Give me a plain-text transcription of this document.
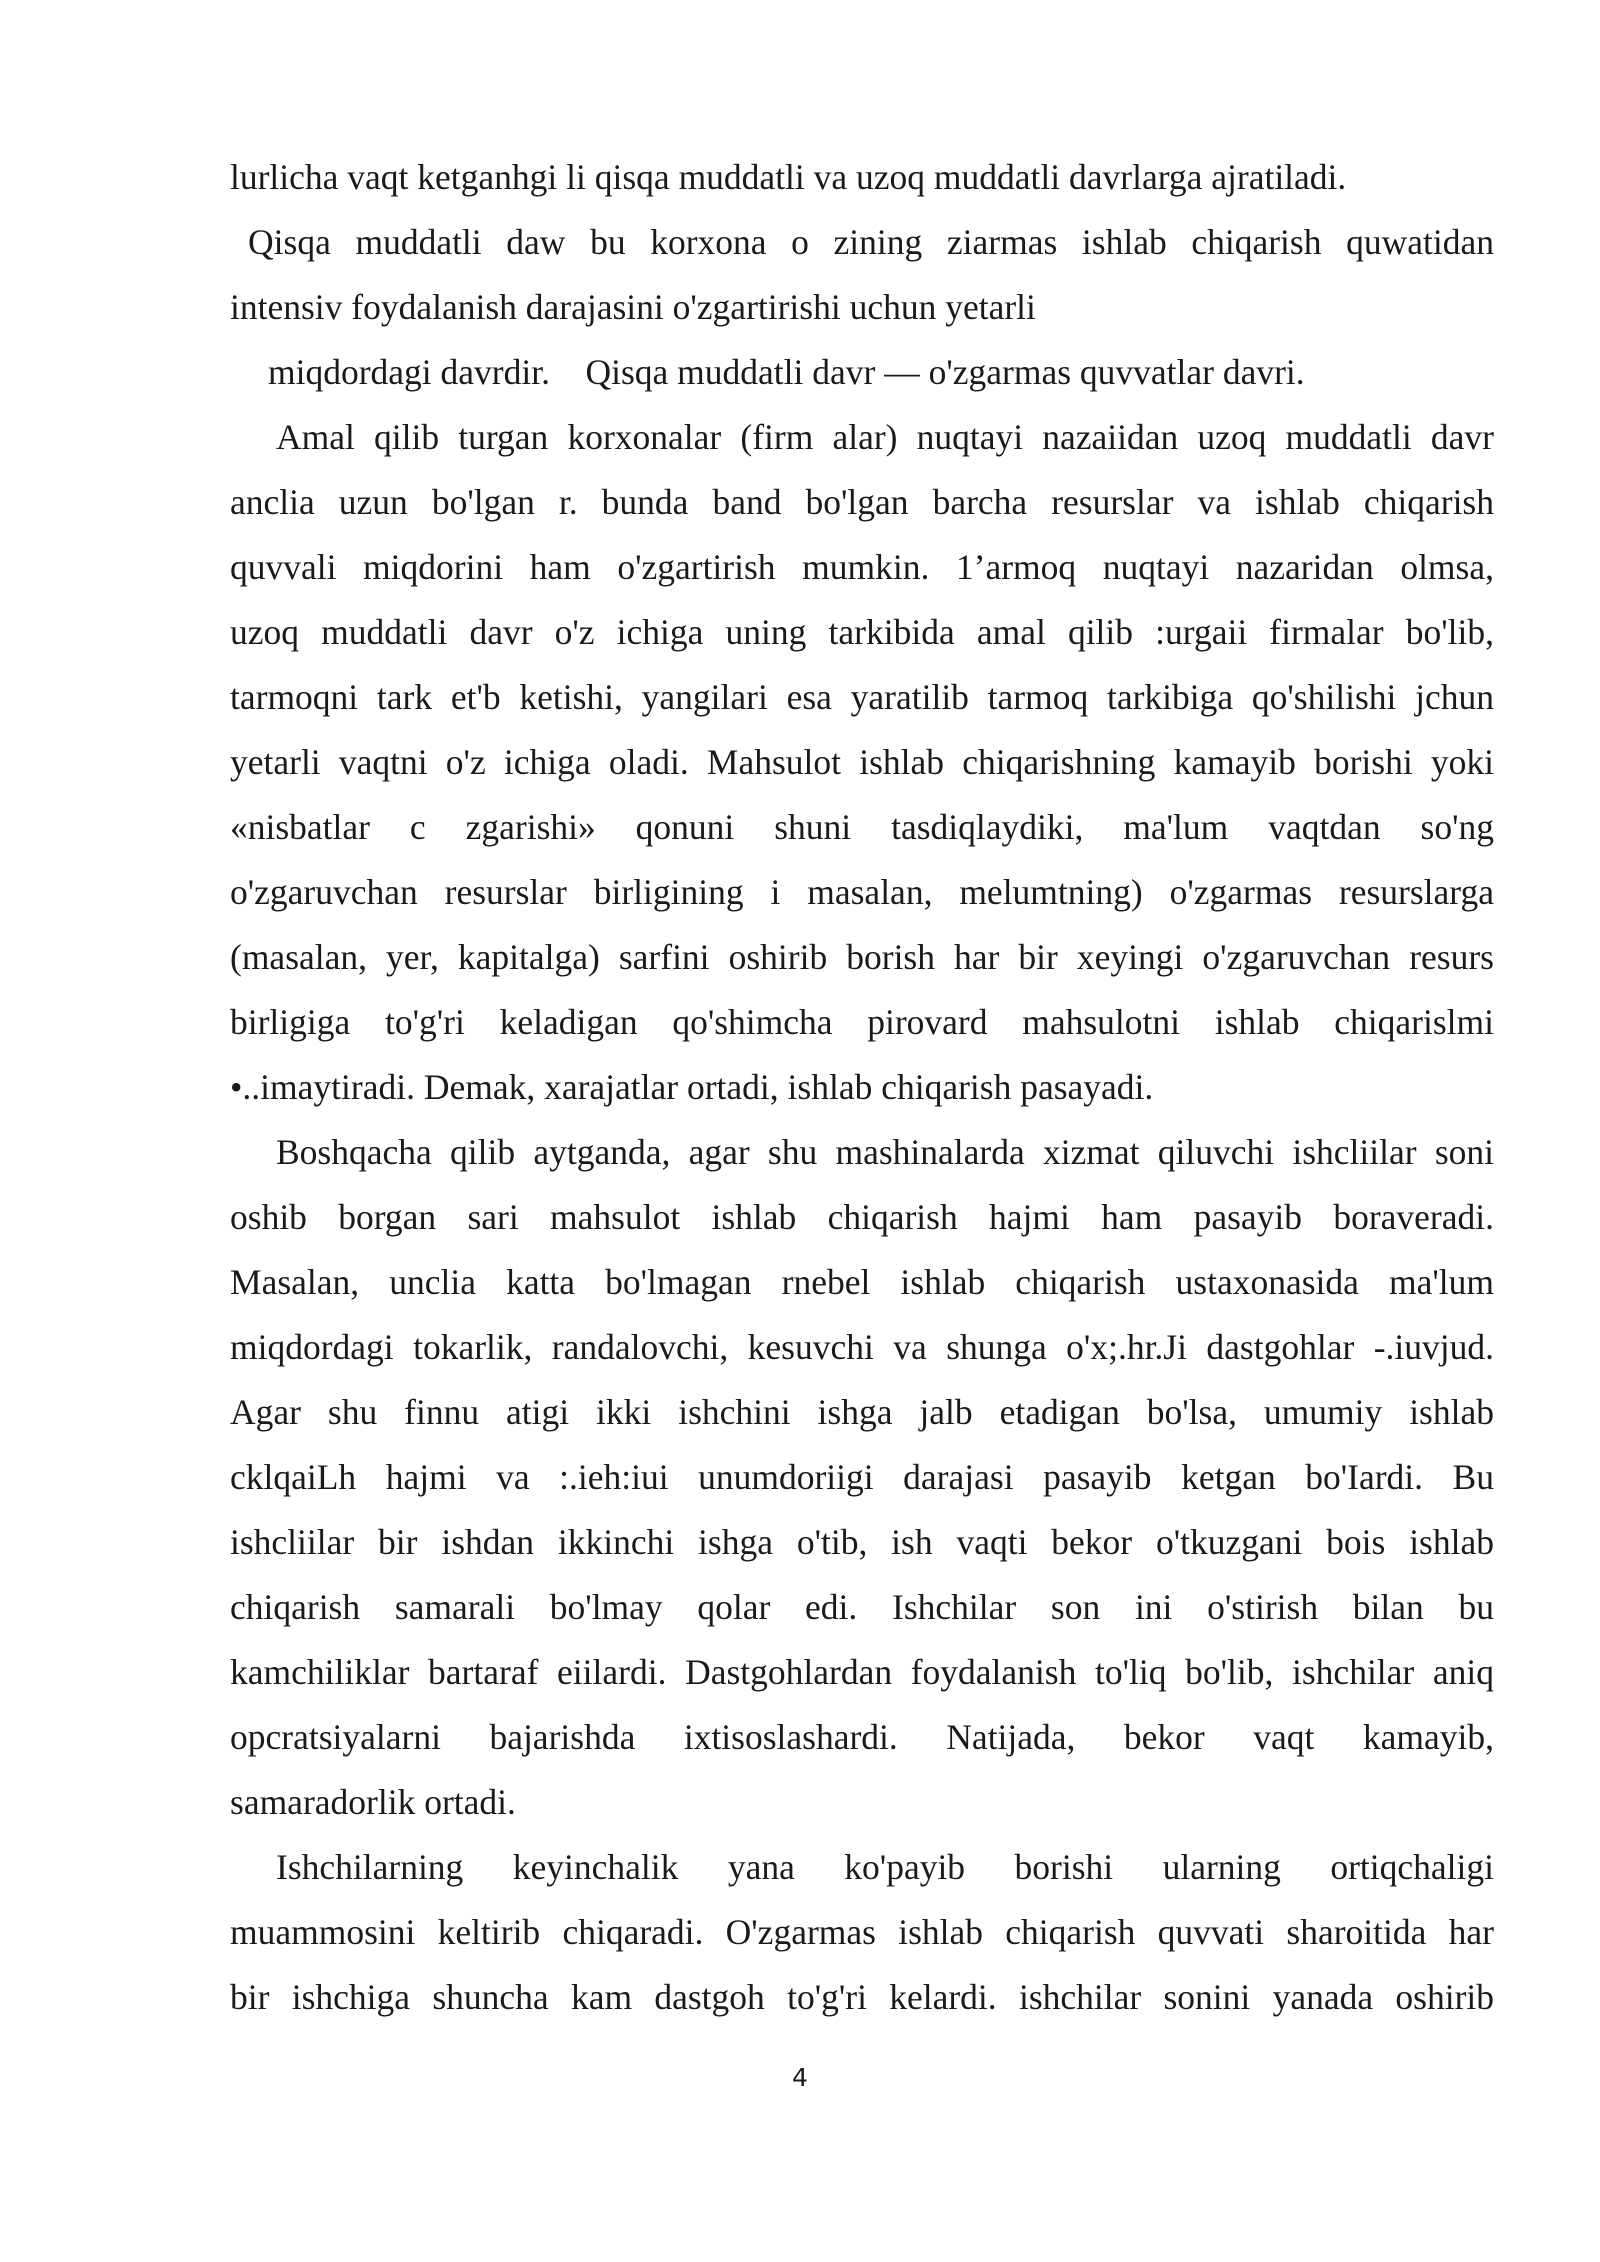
lurlicha vaqt ketganhgi li qisqa muddatli va uzoq muddatli davrlarga ajratiladi.
Qisqa muddatli daw bu korxona o zining ziarmas ishlab chiqarish quwatidan
intensiv foydalanish darajasini o'zgartirishi uchun yetarli
miqdordagi davrdir. Qisqa muddatli davr — o'zgarmas quvvatlar davri.
Amal qilib turgan korxonalar (firm alar) nuqtayi nazaiidan uzoq muddatli davr
anclia uzun bo'lgan r. bunda band bo'lgan barcha resurslar va ishlab chiqarish
quvvali miqdorini ham o'zgartirish mumkin. 1’armoq nuqtayi nazaridan olmsa,
uzoq muddatli davr o'z ichiga uning tarkibida amal qilib :urgaii firmalar bo'lib,
tarmoqni tark et'b ketishi, yangilari esa yaratilib tarmoq tarkibiga qo'shilishi jchun
yetarli vaqtni o'z ichiga oladi. Mahsulot ishlab chiqarishning kamayib borishi yoki
«nisbatlar c zgarishi» qonuni shuni tasdiqlaydiki, ma'lum vaqtdan so'ng
o'zgaruvchan resurslar birligining i masalan, melumtning) o'zgarmas resurslarga
(masalan, yer, kapitalga) sarfini oshirib borish har bir xeyingi o'zgaruvchan resurs
birligiga to'g'ri keladigan qo'shimcha pirovard mahsulotni ishlab chiqarislmi
•..imaytiradi. Demak, xarajatlar ortadi, ishlab chiqarish pasayadi.
Boshqacha qilib aytganda, agar shu mashinalarda xizmat qiluvchi ishcliilar soni
oshib borgan sari mahsulot ishlab chiqarish hajmi ham pasayib boraveradi.
Masalan, unclia katta bo'lmagan rnebel ishlab chiqarish ustaxonasida ma'lum
miqdordagi tokarlik, randalovchi, kesuvchi va shunga o'x;.hr.Ji dastgohlar -.iuvjud.
Agar shu finnu atigi ikki ishchini ishga jalb etadigan bo'lsa, umumiy ishlab
cklqaiLh hajmi va :.ieh:iui unumdoriigi darajasi pasayib ketgan bo'Iardi. Bu
ishcliilar bir ishdan ikkinchi ishga o'tib, ish vaqti bekor o'tkuzgani bois ishlab
chiqarish samarali bo'lmay qolar edi. Ishchilar son ini o'stirish bilan bu
kamchiliklar bartaraf eiilardi. Dastgohlardan foydalanish to'liq bo'lib, ishchilar aniq
opcratsiyalarni bajarishda ixtisoslashardi. Natijada, bekor vaqt kamayib,
samaradorlik ortadi.
Ishchilarning keyinchalik yana ko'payib borishi ularning ortiqchaligi
muammosini keltirib chiqaradi. O'zgarmas ishlab chiqarish quvvati sharoitida har
bir ishchiga shuncha kam dastgoh to'g'ri kelardi. ishchilar sonini yanada oshirib
4
